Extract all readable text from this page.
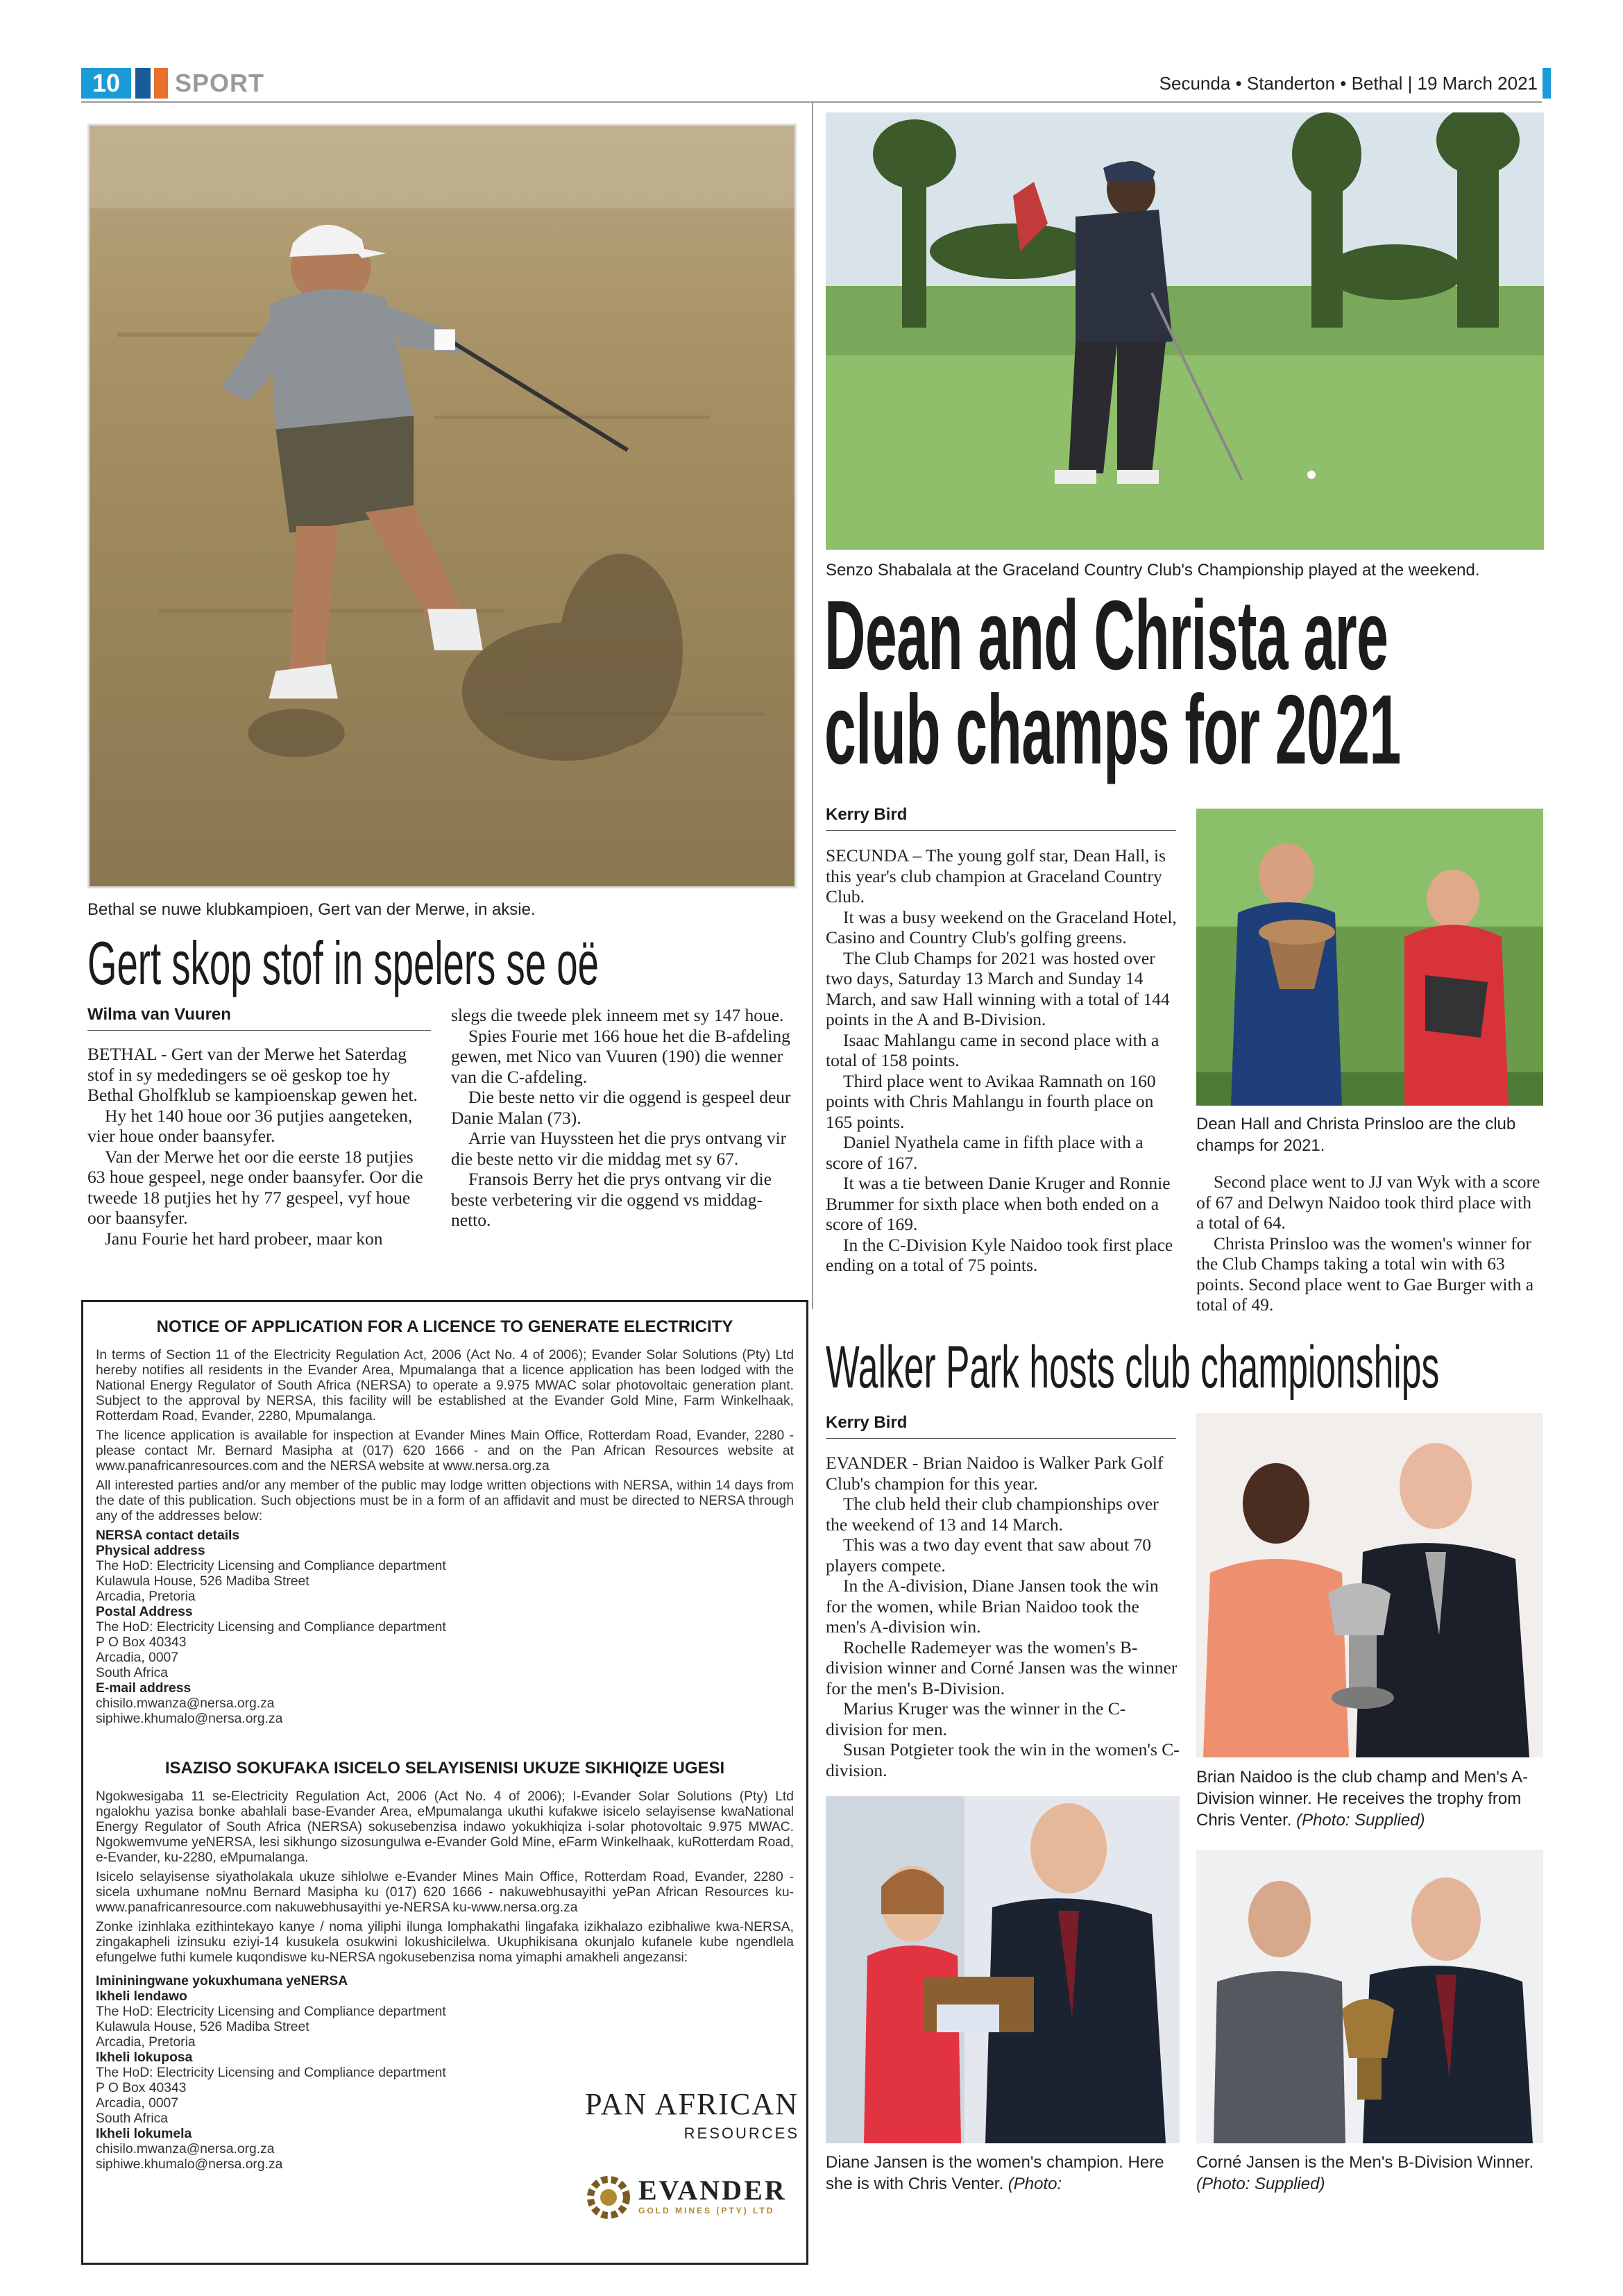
10	SPORT	Secunda • Standerton • Bethal | 19 March 2021
Bethal se nuwe klubkampioen, Gert van der Merwe, in aksie.
Gert skop stof in spelers se oë
Wilma van Vuuren

BETHAL - Gert van der Merwe het Saterdag stof in sy mededingers se oë geskop toe hy Bethal Gholfklub se kampioenskap gewen het.

Hy het 140 houe oor 36 putjies aangeteken, vier houe onder baansyfer.

Van der Merwe het oor die eerste 18 putjies 63 houe gespeel, nege onder baansyfer. Oor die tweede 18 putjies het hy 77 gespeel, vyf houe oor baansyfer.

Janu Fourie het hard probeer, maar kon

slegs die tweede plek inneem met sy 147 houe.

Spies Fourie met 166 houe het die B-afdeling gewen, met Nico van Vuuren (190) die wenner van die C-afdeling.

Die beste netto vir die oggend is gespeel deur Danie Malan (73).

Arrie van Huyssteen het die prys ontvang vir die beste netto vir die middag met sy 67.

Fransois Berry het die prys ontvang vir die beste verbetering vir die oggend vs middag-netto.

Senzo Shabalala at the Graceland Country Club's Championship played at the weekend.
Dean and Christa are
club champs for 2021
Kerry Bird

SECUNDA – The young golf star, Dean Hall, is this year's club champion at Graceland Country Club.

It was a busy weekend on the Graceland Hotel, Casino and Country Club's golfing greens.

The Club Champs for 2021 was hosted over two days, Saturday 13 March and Sunday 14 March, and saw Hall winning with a total of 144 points in the A and B-Division.

Isaac Mahlangu came in second place with a total of 158 points.

Third place went to Avikaa Ramnath on 160 points with Chris Mahlangu in fourth place on 165 points.

Daniel Nyathela came in fifth place with a score of 167.

It was a tie between Danie Kruger and Ronnie Brummer for sixth place when both ended on a score of 169.

In the C-Division Kyle Naidoo took first place ending on a total of 75 points.

Dean Hall and Christa Prinsloo are the club champs for 2021.

Second place went to JJ van Wyk with a score of 67 and Delwyn Naidoo took third place with a total of 64.

Christa Prinsloo was the women's winner for the Club Champs taking a total win with 63 points. Second place went to Gae Burger with a total of 49.

NOTICE OF APPLICATION FOR A LICENCE TO GENERATE ELECTRICITY
In terms of Section 11 of the Electricity Regulation Act, 2006 (Act No. 4 of 2006); Evander Solar Solutions (Pty) Ltd hereby notifies all residents in the Evander Area, Mpumalanga that a licence application has been lodged with the National Energy Regulator of South Africa (NERSA) to operate a 9.975 MWAC solar photovoltaic generation plant. Subject to the approval by NERSA, this facility will be established at the Evander Gold Mine, Farm Winkelhaak, Rotterdam Road, Evander, 2280, Mpumalanga.
The licence application is available for inspection at Evander Mines Main Office, Rotterdam Road, Evander, 2280 - please contact Mr. Bernard Masipha at (017) 620 1666 - and on the Pan African Resources website at www.panafricanresources.com and the NERSA website at www.nersa.org.za
All interested parties and/or any member of the public may lodge written objections with NERSA, within 14 days from the date of this publication. Such objections must be in a form of an affidavit and must be directed to NERSA through any of the addresses below:
NERSA contact details
Physical address
The HoD: Electricity Licensing and Compliance department
Kulawula House, 526 Madiba Street
Arcadia, Pretoria
Postal Address
The HoD: Electricity Licensing and Compliance department
P O Box 40343
Arcadia, 0007
South Africa
E-mail address
chisilo.mwanza@nersa.org.za
siphiwe.khumalo@nersa.org.za
ISAZISO SOKUFAKA ISICELO SELAYISENISI UKUZE SIKHIQIZE UGESI
Ngokwesigaba 11 se-Electricity Regulation Act, 2006 (Act No. 4 of 2006); I-Evander Solar Solutions (Pty) Ltd ngalokhu yazisa bonke abahlali base-Evander Area, eMpumalanga ukuthi kufakwe isicelo selayisense kwaNational Energy Regulator of South Africa (NERSA) sokusebenzisa indawo yokukhiqiza i-solar photovoltaic 9.975 MWAC. Ngokwemvume yeNERSA, lesi sikhungo sizosungulwa e-Evander Gold Mine, eFarm Winkelhaak, kuRotterdam Road, e-Evander, ku-2280, eMpumalanga.
Isicelo selayisense siyatholakala ukuze sihlolwe e-Evander Mines Main Office, Rotterdam Road, Evander, 2280 - sicela uxhumane noMnu Bernard Masipha ku (017) 620 1666 - nakuwebhusayithi yePan African Resources ku-www.panafricanresource.com nakuwebhusayithi ye-NERSA ku-www.nersa.org.za
Zonke izinhlaka ezithintekayo kanye / noma yiliphi ilunga lomphakathi lingafaka izikhalazo ezibhaliwe kwa-NERSA, zingakapheli izinsuku eziyi-14 kusukela osukwini lokushicilelwa. Ukuphikisana okunjalo kufanele kube ngendlela efungelwe futhi kumele kuqondiswe ku-NERSA ngokusebenzisa noma yimaphi amakheli angezansi:
Imininingwane yokuxhumana yeNERSA
Ikheli lendawo
The HoD: Electricity Licensing and Compliance department
Kulawula House, 526 Madiba Street
Arcadia, Pretoria
Ikheli lokuposa
The HoD: Electricity Licensing and Compliance department
P O Box 40343
Arcadia, 0007
South Africa
Ikheli lokumela
chisilo.mwanza@nersa.org.za
siphiwe.khumalo@nersa.org.za
PAN AFRICAN
RESOURCES
EVANDER
GOLD MINES (PTY) LTD
Walker Park hosts club championships
Kerry Bird

EVANDER - Brian Naidoo is Walker Park Golf Club's champion for this year.

The club held their club championships over the weekend of 13 and 14 March.

This was a two day event that saw about 70 players compete.

In the A-division, Diane Jansen took the win for the women, while Brian Naidoo took the men's A-division win.

Rochelle Rademeyer was the women's B-division winner and Corné Jansen was the winner for the men's B-Division.

Marius Kruger was the winner in the C-division for men.

Susan Potgieter took the win in the women's C-division.	Brian Naidoo is the club champ and Men's A-Division winner. He receives the trophy from Chris Venter. (Photo: Supplied)
Diane Jansen is the women's champion. Here she is with Chris Venter. (Photo:
Corné Jansen is the Men's B-Division Winner. (Photo: Supplied)
